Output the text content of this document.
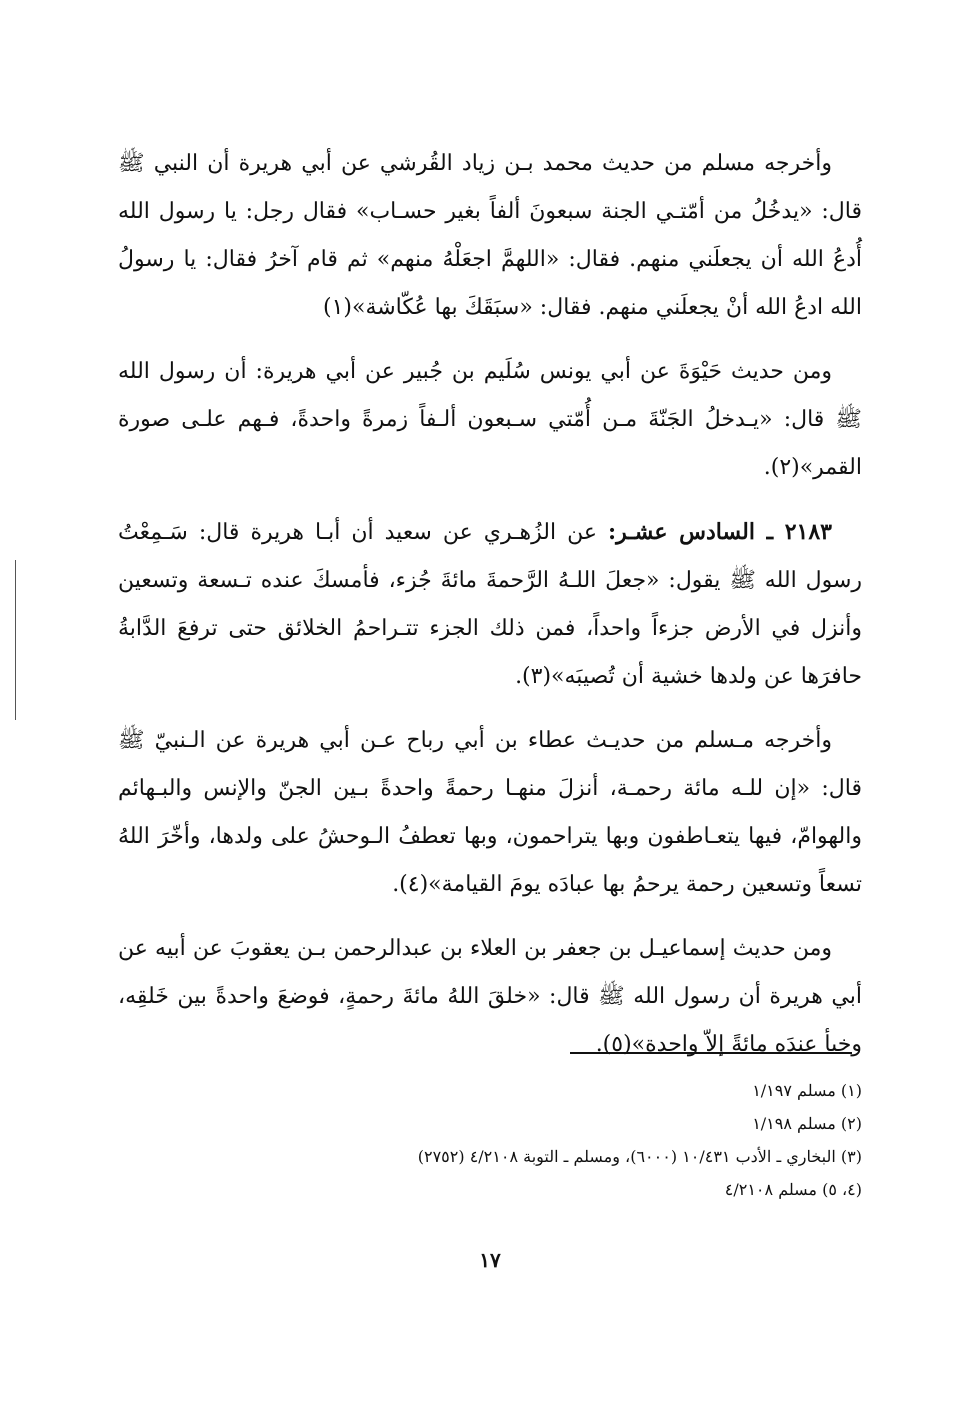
وأخرجه مسلم من حديث محمد بـن زياد القُرشي عن أبي هريرة أن النبي ﷺ قال: «يدخُلُ من أمّتـي الجنة سبعونَ ألفاً بغير حسـاب» فقال رجل: يا رسول الله أُدعُ الله أن يجعلَني منهم. فقال: «اللهمَّ اجعَلْهُ منهم» ثم قام آخرُ فقال: يا رسولُ الله ادعُ الله أنْ يجعلَني منهم. فقال: «سبَقَكَ بها عُكّاشة»(١)

ومن حديث حَيْوَةَ عن أبي يونس سُلَيم بن جُبير عن أبي هريرة: أن رسول الله ﷺ قال: «يـدخلُ الجَنّةَ مـن أُمّتي سـبعون ألـفاً زمرةً واحدةً، فـهم علـى صورة القمر»(٢).

٢١٨٣ ـ السادس عشـر: عن الزُهـري عن سعيد أن أبـا هريرة قال: سَـمِعْتُ رسول الله ﷺ يقول: «جعلَ اللـهُ الرَّحمةَ مائةَ جُزء، فأمسكَ عنده تـسعة وتسعين وأنزل في الأرض جزءاً واحداً، فمن ذلك الجزء تتـراحمُ الخلائق حتى ترفعَ الدَّابةُ حافرَها عن ولدها خشية أن تُصيبَه»(٣).

وأخرجه مـسلم من حديـث عطاء بن أبي رباح عـن أبي هريرة عن الـنبيّ ﷺ قال: «إن للـه مائة رحمـة، أنزلَ منهـا رحمةً واحدةً بـين الجنّ والإنس والبـهائم والهوامّ، فيها يتعـاطفون وبها يتراحمون، وبها تعطفُ الـوحشُ على ولدها، وأخّرَ اللهُ تسعاً وتسعين رحمة يرحمُ بها عبادَه يومَ القيامة»(٤).

ومن حديث إسماعيـل بن جعفر بن العلاء بن عبدالرحمن بـن يعقوبَ عن أبيه عن أبي هريرة أن رسول الله ﷺ قال: «خلقَ اللهُ مائةَ رحمةٍ، فوضعَ واحدةً بين خَلقِه، وخبأ عندَه مائةً إلاّ واحدة»(٥).

(١) مسلم ١/١٩٧
(٢) مسلم ١/١٩٨
(٣) البخاري ـ الأدب ١٠/٤٣١ (٦٠٠٠)، ومسلم ـ التوبة ٤/٢١٠٨ (٢٧٥٢)
(٤، ٥) مسلم ٤/٢١٠٨
١٧
